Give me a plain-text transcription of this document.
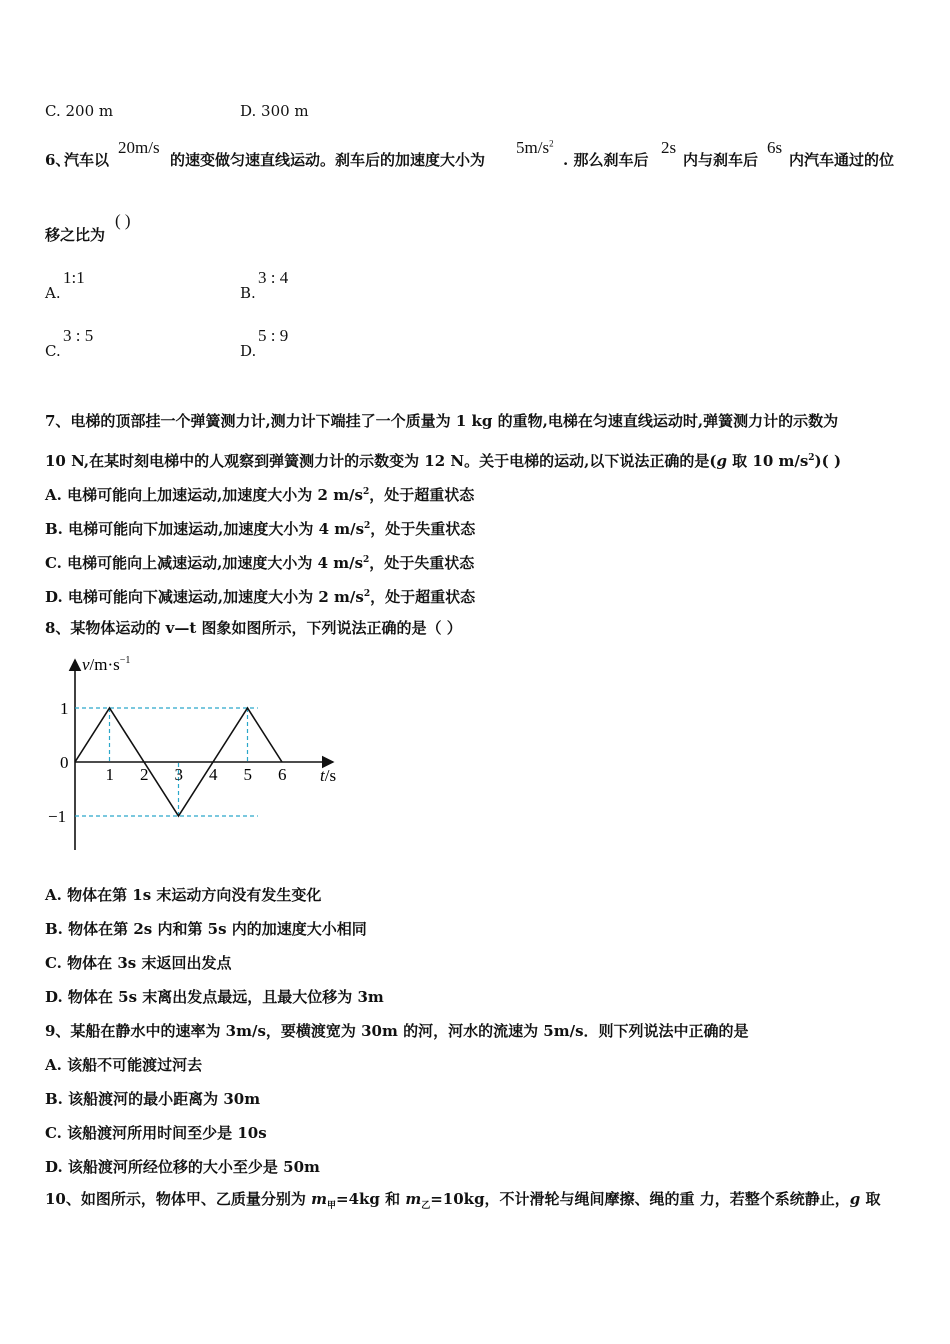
C. 200 m	D. 300 m
6、
汽车以
20m/s
的速变做匀速直线运动。刹车后的加速度大小为
$5m/s^2$
. 那么刹车后
2s
内与刹车后
6s
内汽车通过的位
移之比为
( )
A.
1:1
B.
3 : 4
C.
3 : 5
D.
5 : 9
7、电梯的顶部挂一个弹簧测力计,测力计下端挂了一个质量为 1 kg 的重物,电梯在匀速直线运动时,弹簧测力计的示数为
10 N,在某时刻电梯中的人观察到弹簧测力计的示数变为 12 N。关于电梯的运动,以下说法正确的是(g 取 10 $m/s^2$)( )
A. 电梯可能向上加速运动,加速度大小为 2 $m/s^2$，处于超重状态
B. 电梯可能向下加速运动,加速度大小为 4 $m/s^2$，处于失重状态
C. 电梯可能向上减速运动,加速度大小为 4 $m/s^2$，处于失重状态
D. 电梯可能向下减速运动,加速度大小为 2 $m/s^2$，处于超重状态
8、某物体运动的 v—t 图象如图所示，下列说法正确的是（ ）
1 2 3 4 5 6
1
0
−1
$v/m\cdot s^{-1}$
t/s
A. 物体在第 1s 末运动方向没有发生变化
B. 物体在第 2s 内和第 5s 内的加速度大小相同
C. 物体在 3s 末返回出发点
D. 物体在 5s 末离出发点最远，且最大位移为 3m
9、某船在静水中的速率为 3m/s，要横渡宽为 30m 的河，河水的流速为 5m/s．则下列说法中正确的是
A. 该船不可能渡过河去
B. 该船渡河的最小距离为 30m
C. 该船渡河所用时间至少是 10s
D. 该船渡河所经位移的大小至少是 50m
10、如图所示，物体甲、乙质量分别为 $m_甲=4kg$ 和 $m_乙=10kg$，不计滑轮与绳间摩擦、绳的重 力，若整个系统静止，g 取
